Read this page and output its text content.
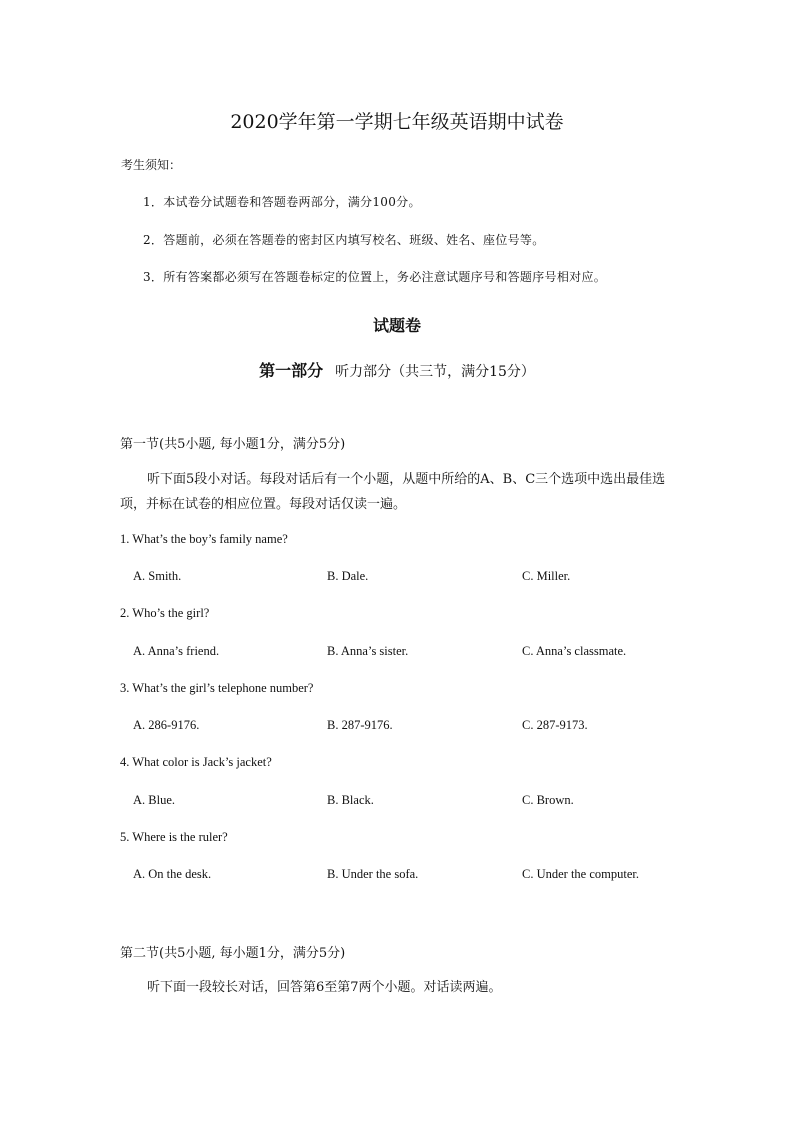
2020学年第一学期七年级英语期中试卷
考生须知：
1．本试卷分试题卷和答题卷两部分，满分100分。
2．答题前，必须在答题卷的密封区内填写校名、班级、姓名、座位号等。
3．所有答案都必须写在答题卷标定的位置上，务必注意试题序号和答题序号相对应。
试题卷
第一部分 听力部分（共三节，满分15分）
第一节(共5小题, 每小题1分，满分5分)
听下面5段小对话。每段对话后有一个小题，从题中所给的A、B、C三个选项中选出最佳选项，并标在试卷的相应位置。每段对话仅读一遍。
1. What’s the boy’s family name?
A. Smith.	B. Dale.	C. Miller.
2. Who’s the girl?
A. Anna’s friend.	B. Anna’s sister.	C. Anna’s classmate.
3. What’s the girl’s telephone number?
A. 286-9176.	B. 287-9176.	C. 287-9173.
4. What color is Jack’s jacket?
A. Blue.	B. Black.	C. Brown.
5. Where is the ruler?
A. On the desk.	B. Under the sofa.	C. Under the computer.
第二节(共5小题, 每小题1分，满分5分)
听下面一段较长对话，回答第6至第7两个小题。对话读两遍。
